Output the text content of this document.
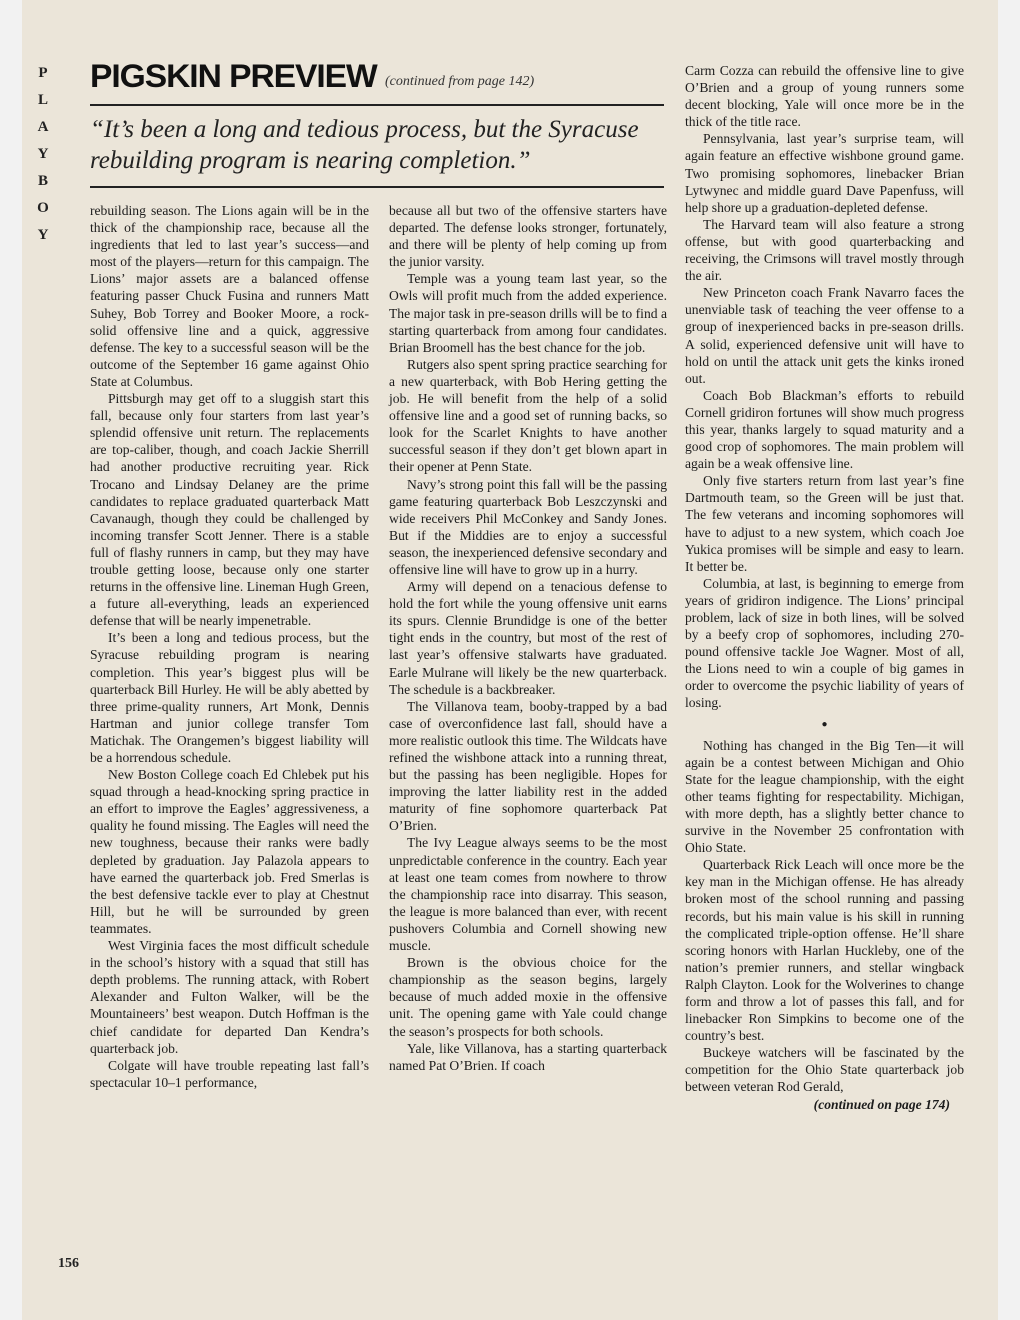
P
L
A
Y
B
O
Y
PIGSKIN PREVIEW (continued from page 142)

“It’s been a long and tedious process, but the Syracuse rebuilding program is nearing completion.”

rebuilding season. The Lions again will be in the thick of the championship race, because all the ingredients that led to last year’s success—and most of the players—return for this campaign. The Lions’ major assets are a balanced offense featuring passer Chuck Fusina and runners Matt Suhey, Bob Torrey and Booker Moore, a rock-solid offensive line and a quick, aggressive defense. The key to a successful season will be the outcome of the September 16 game against Ohio State at Columbus.

Pittsburgh may get off to a sluggish start this fall, because only four starters from last year’s splendid offensive unit return. The replacements are top-caliber, though, and coach Jackie Sherrill had another productive recruiting year. Rick Trocano and Lindsay Delaney are the prime candidates to replace graduated quarterback Matt Cavanaugh, though they could be challenged by incoming transfer Scott Jenner. There is a stable full of flashy runners in camp, but they may have trouble getting loose, because only one starter returns in the offensive line. Lineman Hugh Green, a future all-everything, leads an experienced defense that will be nearly impenetrable.

It’s been a long and tedious process, but the Syracuse rebuilding program is nearing completion. This year’s biggest plus will be quarterback Bill Hurley. He will be ably abetted by three prime-quality runners, Art Monk, Dennis Hartman and junior college transfer Tom Matichak. The Orangemen’s biggest liability will be a horrendous schedule.

New Boston College coach Ed Chlebek put his squad through a head-knocking spring practice in an effort to improve the Eagles’ aggressiveness, a quality he found missing. The Eagles will need the new toughness, because their ranks were badly depleted by graduation. Jay Palazola appears to have earned the quarterback job. Fred Smerlas is the best defensive tackle ever to play at Chestnut Hill, but he will be surrounded by green teammates.

West Virginia faces the most difficult schedule in the school’s history with a squad that still has depth problems. The running attack, with Robert Alexander and Fulton Walker, will be the Mountaineers’ best weapon. Dutch Hoffman is the chief candidate for departed Dan Kendra’s quarterback job.

Colgate will have trouble repeating last fall’s spectacular 10–1 performance,

because all but two of the offensive starters have departed. The defense looks stronger, fortunately, and there will be plenty of help coming up from the junior varsity.

Temple was a young team last year, so the Owls will profit much from the added experience. The major task in pre-season drills will be to find a starting quarterback from among four candidates. Brian Broomell has the best chance for the job.

Rutgers also spent spring practice searching for a new quarterback, with Bob Hering getting the job. He will benefit from the help of a solid offensive line and a good set of running backs, so look for the Scarlet Knights to have another successful season if they don’t get blown apart in their opener at Penn State.

Navy’s strong point this fall will be the passing game featuring quarterback Bob Leszczynski and wide receivers Phil McConkey and Sandy Jones. But if the Middies are to enjoy a successful season, the inexperienced defensive secondary and offensive line will have to grow up in a hurry.

Army will depend on a tenacious defense to hold the fort while the young offensive unit earns its spurs. Clennie Brundidge is one of the better tight ends in the country, but most of the rest of last year’s offensive stalwarts have graduated. Earle Mulrane will likely be the new quarterback. The schedule is a backbreaker.

The Villanova team, booby-trapped by a bad case of overconfidence last fall, should have a more realistic outlook this time. The Wildcats have refined the wishbone attack into a running threat, but the passing has been negligible. Hopes for improving the latter liability rest in the added maturity of fine sophomore quarterback Pat O’Brien.

The Ivy League always seems to be the most unpredictable conference in the country. Each year at least one team comes from nowhere to throw the championship race into disarray. This season, the league is more balanced than ever, with recent pushovers Columbia and Cornell showing new muscle.

Brown is the obvious choice for the championship as the season begins, largely because of much added moxie in the offensive unit. The opening game with Yale could change the season’s prospects for both schools.

Yale, like Villanova, has a starting quarterback named Pat O’Brien. If coach

Carm Cozza can rebuild the offensive line to give O’Brien and a group of young runners some decent blocking, Yale will once more be in the thick of the title race.

Pennsylvania, last year’s surprise team, will again feature an effective wishbone ground game. Two promising sophomores, linebacker Brian Lytwynec and middle guard Dave Papenfuss, will help shore up a graduation-depleted defense.

The Harvard team will also feature a strong offense, but with good quarterbacking and receiving, the Crimsons will travel mostly through the air.

New Princeton coach Frank Navarro faces the unenviable task of teaching the veer offense to a group of inexperienced backs in pre-season drills. A solid, experienced defensive unit will have to hold on until the attack unit gets the kinks ironed out.

Coach Bob Blackman’s efforts to rebuild Cornell gridiron fortunes will show much progress this year, thanks largely to squad maturity and a good crop of sophomores. The main problem will again be a weak offensive line.

Only five starters return from last year’s fine Dartmouth team, so the Green will be just that. The few veterans and incoming sophomores will have to adjust to a new system, which coach Joe Yukica promises will be simple and easy to learn. It better be.

Columbia, at last, is beginning to emerge from years of gridiron indigence. The Lions’ principal problem, lack of size in both lines, will be solved by a beefy crop of sophomores, including 270-pound offensive tackle Joe Wagner. Most of all, the Lions need to win a couple of big games in order to overcome the psychic liability of years of losing.

●

Nothing has changed in the Big Ten—it will again be a contest between Michigan and Ohio State for the league championship, with the eight other teams fighting for respectability. Michigan, with more depth, has a slightly better chance to survive in the November 25 confrontation with Ohio State.

Quarterback Rick Leach will once more be the key man in the Michigan offense. He has already broken most of the school running and passing records, but his main value is his skill in running the complicated triple-option offense. He’ll share scoring honors with Harlan Huckleby, one of the nation’s premier runners, and stellar wingback Ralph Clayton. Look for the Wolverines to change form and throw a lot of passes this fall, and for linebacker Ron Simpkins to become one of the country’s best.

Buckeye watchers will be fascinated by the competition for the Ohio State quarterback job between veteran Rod Gerald,

(continued on page 174)
156
